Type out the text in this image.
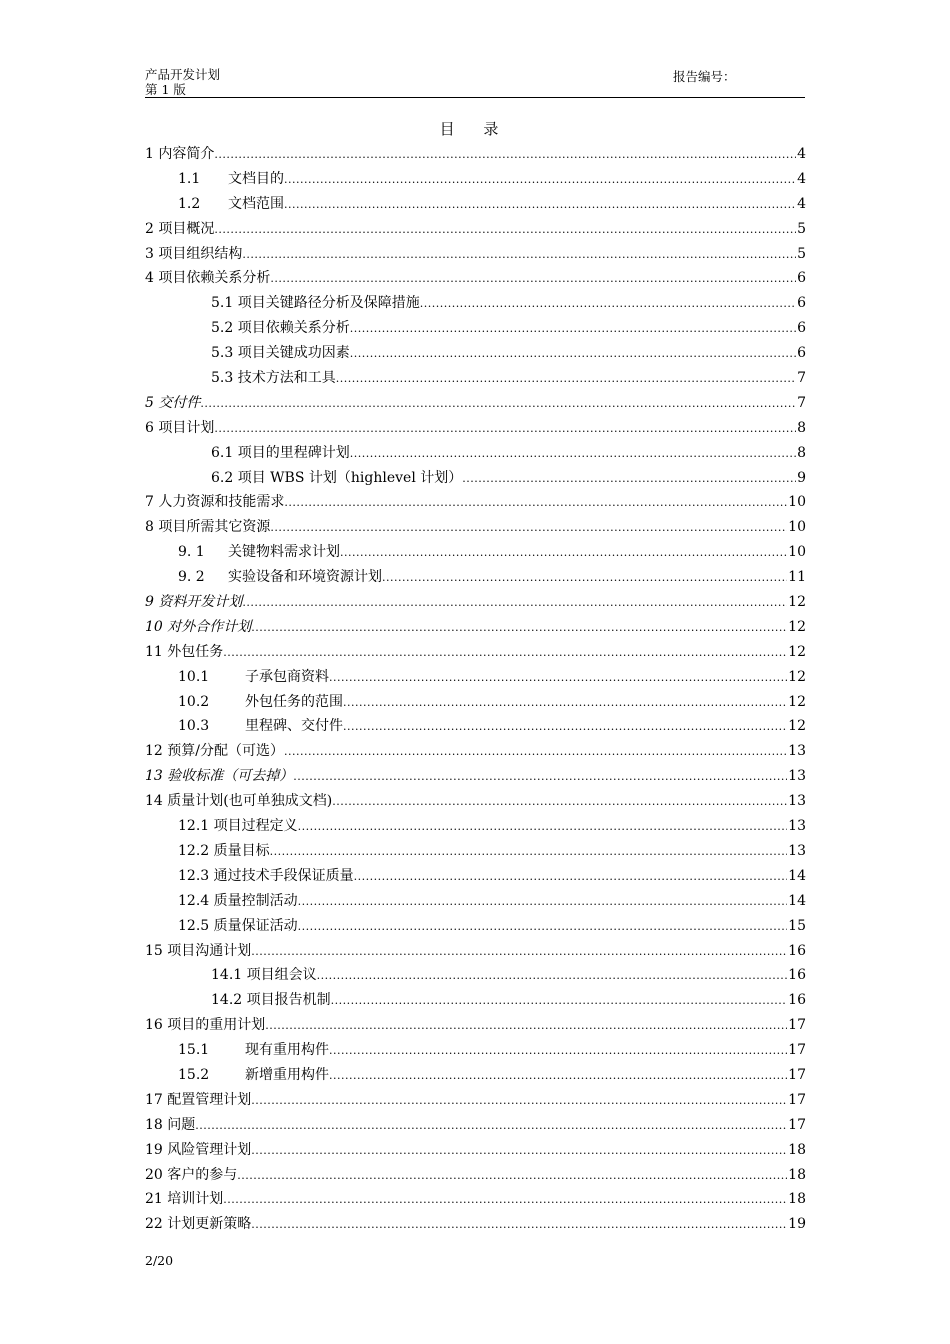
产品开发计划
第 1 版
报告编号：
目 录
1 内容简介 .....	4
1.1	文档目的 .....	4
1.2	文档范围 .....	4
2 项目概况 .....	5
3 项目组织结构 .....	5
4 项目依赖关系分析 .....	6
5.1 项目关键路径分析及保障措施 .....	6
5.2 项目依赖关系分析 .....	6
5.3 项目关键成功因素 .....	6
5.3 技术方法和工具 .....	7
5 交付件 .....	7
6 项目计划 .....	8
6.1 项目的里程碑计划 .....	8
6.2 项目 WBS 计划（highlevel 计划） .....	9
7 人力资源和技能需求 .....	10
8 项目所需其它资源 .....	10
9. 1	关键物料需求计划 .....	10
9. 2	实验设备和环境资源计划 .....	11
9 资料开发计划 .....	12
10 对外合作计划 .....	12
11 外包任务 .....	12
10.1	子承包商资料 .....	12
10.2	外包任务的范围 .....	12
10.3	里程碑、交付件 .....	12
12 预算/分配（可选） .....	13
13 验收标准（可去掉） .....	13
14 质量计划(也可单独成文档) .....	13
12.1 项目过程定义 .....	13
12.2 质量目标 .....	13
12.3 通过技术手段保证质量 .....	14
12.4 质量控制活动 .....	14
12.5 质量保证活动 .....	15
15 项目沟通计划 .....	16
14.1 项目组会议 .....	16
14.2 项目报告机制 .....	16
16 项目的重用计划 .....	17
15.1	现有重用构件 .....	17
15.2	新增重用构件 .....	17
17 配置管理计划 .....	17
18 问题 .....	17
19 风险管理计划 .....	18
20 客户的参与 .....	18
21 培训计划 .....	18
22 计划更新策略 .....	19
2/20
